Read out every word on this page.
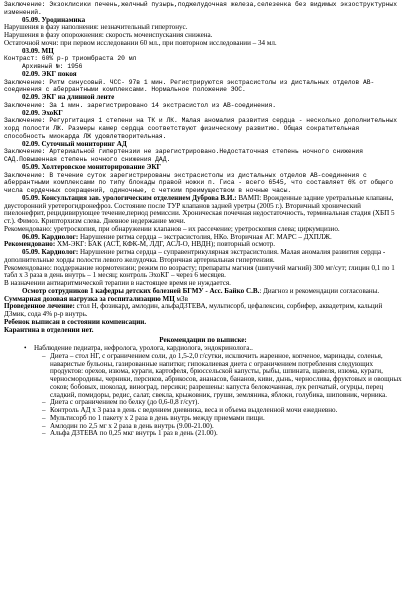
Заключение: Экзоклисики печень,желчный пузырь,поджелудочная железа,селезенка без видимых экзоструктурных изменений.

05.09. Уродинамика

Нарушения в фазу наполнения: незначительный гипертонус.

Нарушения в фазу опорожнения: скорость мочеиспускания снижена.

Остаточной мочи: при первом исследовании 60 мл., при повторном исследовании – 34 мл.

03.09. МЦ

Контраст: 60% р-р триомбраста 20 мл

Архивный №: 1956

02.09. ЭКГ покоя

Заключение: Ритм синусовый. ЧСС- 97в 1 мин. Регистрируются экстрасистолы из дистальных отделов АВ-соединения с аберрантными комплексами. Нормальное положение ЭОС.

02.09. ЭКГ на длинной ленте

Заключение: За 1 мин. зарегистрировано 14 экстрасистол из АВ-соединения.

02.09. ЭхоКГ

Заключение: Регургитация 1 степени на ТК и ЛК. Малая аномалия развития сердца - несколько дополнительных хорд полости ЛЖ. Размеры камер сердца соответствуют физическому развитию. Общая сократительная способность миокарда ЛЖ удовлетворительная.

02.09. Суточный мониторинг АД

Заключение: Артериальной гипертензии не зарегистрировано.Недостаточная степень ночного снижения САД.Повышенная степень ночного снижения ДАД.

05.09. Холтеровское мониторирование ЭКГ

Заключение: В течение суток зарегистрированы экстрасистолы из дистальных отделов АВ-соединения с аберрантными комплексами по типу блокады правой ножки п. Гиса - всего 6545, что составляет 6% от общего числа сердечных сокращений, одиночные, с четким преимуществом в ночные часы.

05.09. Консультация зав. урологическим отделением Дуброва В.И.: ВАМП: Врожденные задние уретральные клапаны, двусторонний уретерогидронефроз. Состояние после ТУР клапанов задней уретры (2005 г.). Вторичный хронический пиелонефрит, рецидивирующее течение,период ремиссии. Хроническая почечная недостаточность, терминальная стадия (ХБП 5 ст.). Фимоз. Крипторхизм слева. Дневное недержание мочи.

Рекомендовано: уретроскопия, при обнаружении клапанов – их рассечение; уретроскопия слева; циркумцизио.

06.09. Кардиолог: Нарушение ритма сердца – экстрасистолия, НКо. Вторичная АГ. МАРС – ДХПЛЖ.

Рекомендовано: ХМ-ЭКГ: БАК (АСТ, КФК-М, ЛДГ, АСЛ-О, НВДН); повторный осмотр.

05.09. Кардиолог: Нарушение ритма сердца – суправентрикулярная экстрасистолия. Малая аномалия развития сердца - дополнительные хорды полости левого желудочка. Вторичная артериальная гипертензия.

Рекомендовано: поддержание нормотензии; режим по возрасту; препараты магния (шипучий магний) 300 мг/сут; глицин 0,1 по 1 табл х 3 раза в день внутрь – 1 месяц; контроль ЭхоКГ – через 6 месяцев.

В назначении антиаритмической терапии в настоящее время не нуждается.

Осмотр сотрудников 1 кафедры детских болезней БГМУ - Асс. Байко С.В.: Диагноз и рекомендации согласованы.

Суммарная дозовая нагрузка за госпитализацию МЦ мЗв

Проведенное лечение: стол Н, фозикард, амлодин, альфаД3ТЕВА, мультисорб, цефалексин, сорбифер, аквадетрим, кальций Д3мик, сода 4% р-р внутрь.

Ребенок выписан в состоянии компенсации.

Карантина в отделении нет.

Рекомендации по выписке:

• Наблюдение педиатра, нефролога, уролога, кардиолога, эндокринолога..
– Диета – стол НГ, с ограничением соли, до 1,5-2,0 г/сутки, исключить жаренное, копченое, маринады, соленья, наваристые бульоны, газированные напитки; гипокалиевая диета с ограничением потребления следующих продуктов: орехов, изюма, кураги, картофеля, брюссельской капусты, рыбы, шпината, щавеля, изюма, кураги, черносмородины, черники, персиков, абрикосов, ананасов, бананов, киви, дынь, чернослива, фруктовых и овощных соков; бобовых, шоколад, виноград, персики; разрешены: капуста белокочанная, лук репчатый, огурцы, перец сладкий, помидоры, редис, салат, свекла, крыжовник, груши, земляника, яблоки, голубика, шиповник, черника.
– Диета с ограничением по белку (до 0,6-0,8 г/сут).
– Контроль АД х 3 раза в день с ведением дневника, веса и объема выделенной мочи ежедневно.
– Мультисорб по 1 пакету х 2 раза в день внутрь между приемами пищи.
– Амлодин по 2,5 мг х 2 раза в день внутрь (9.00-21.00).
– Альфа Д3ТЕВА по 0,25 мкг внутрь 1 раз в день (21.00).
